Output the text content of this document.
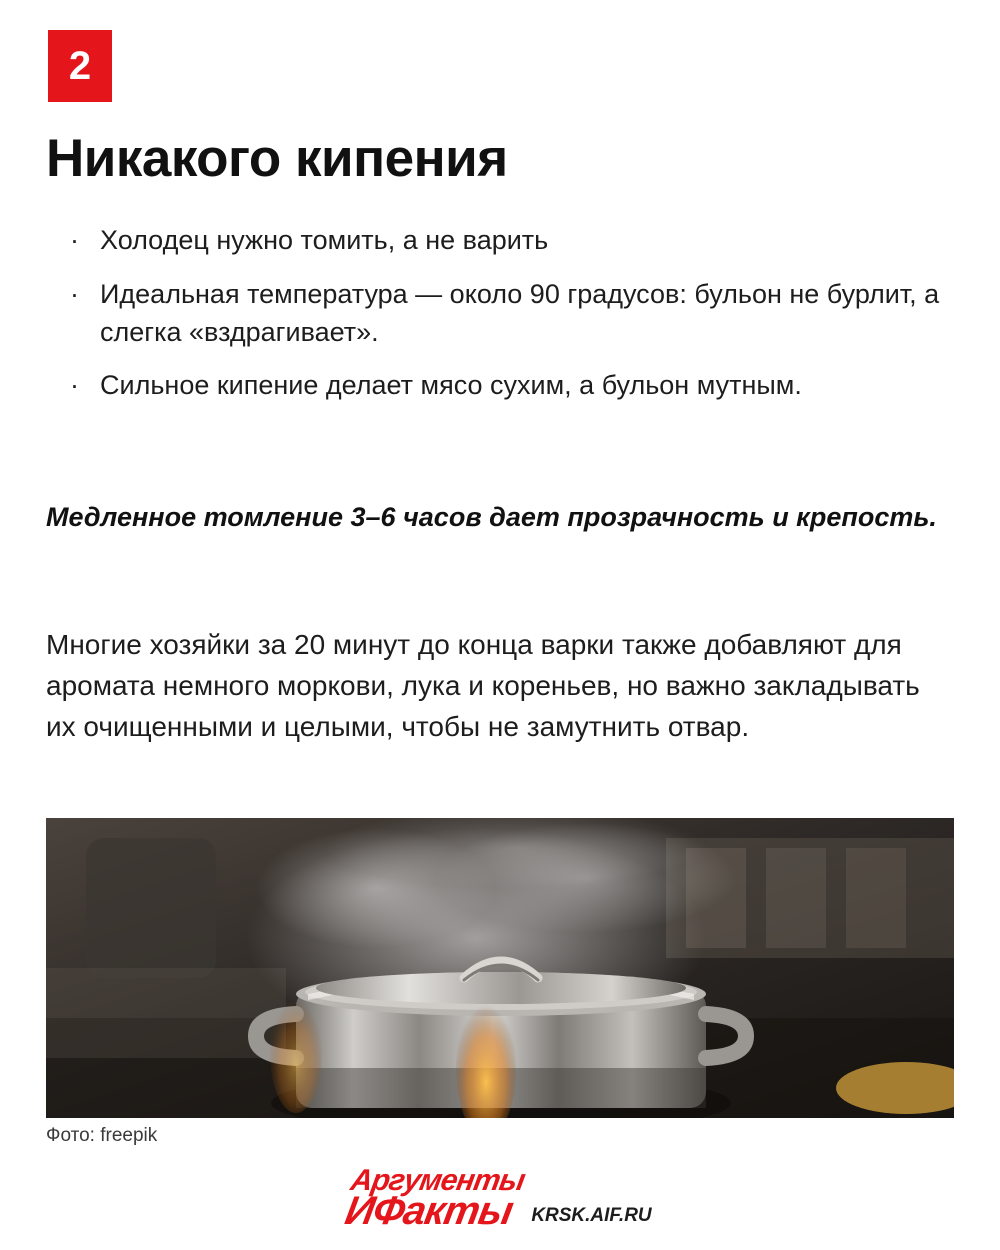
2
Никакого кипения
· Холодец нужно томить, а не варить
· Идеальная температура — около 90 градусов: бульон не бурлит, а слегка «вздрагивает».
· Сильное кипение делает мясо сухим, а бульон мутным.

Медленное томление 3–6 часов дает прозрачность и крепость.

Многие хозяйки за 20 минут до конца варки также добавляют для аромата немного моркови, лука и кореньев, но важно закладывать их очищенными и целыми, чтобы не замутнить отвар.

Фото: freepik
Аргументы
ИФакты KRSK.AIF.RU
